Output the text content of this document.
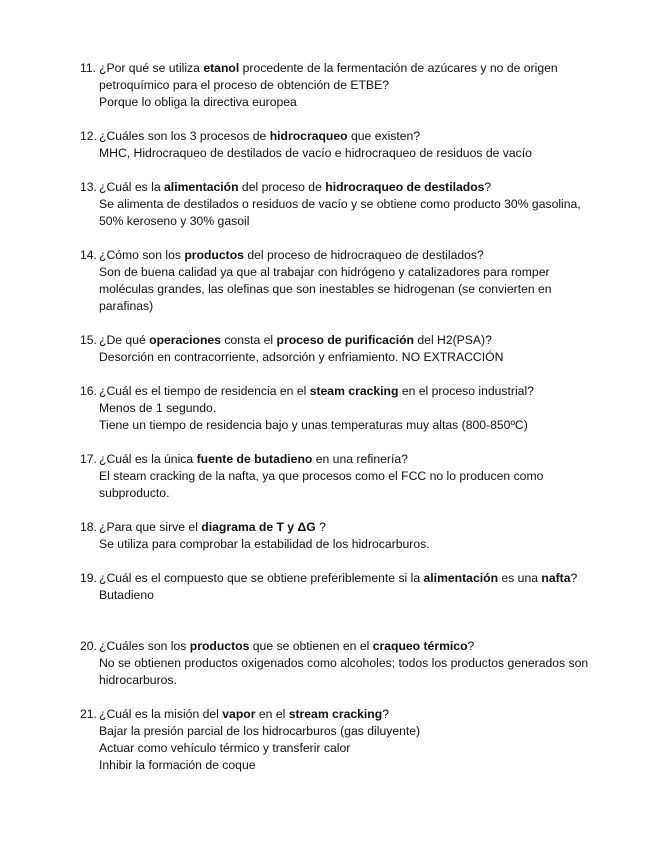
11. ¿Por qué se utiliza etanol procedente de la fermentación de azúcares y no de origen petroquímico para el proceso de obtención de ETBE?
Porque lo obliga la directiva europea
12. ¿Cuáles son los 3 procesos de hidrocraqueo que existen?
MHC, Hidrocraqueo de destilados de vacío e hidrocraqueo de residuos de vacío
13. ¿Cuál es la alimentación del proceso de hidrocraqueo de destilados?
Se alimenta de destilados o residuos de vacío y se obtiene como producto 30% gasolina, 50% keroseno y 30% gasoil
14. ¿Cómo son los productos del proceso de hidrocraqueo de destilados?
Son de buena calidad ya que al trabajar con hidrógeno y catalizadores para romper moléculas grandes, las olefinas que son inestables se hidrogenan (se convierten en parafinas)
15. ¿De qué operaciones consta el proceso de purificación del H2(PSA)?
Desorción en contracorriente, adsorción y enfriamiento. NO EXTRACCIÓN
16. ¿Cuál es el tiempo de residencia en el steam cracking en el proceso industrial?
Menos de 1 segundo.
Tiene un tiempo de residencia bajo y unas temperaturas muy altas (800-850ºC)
17. ¿Cuál es la única fuente de butadieno en una refinería?
El steam cracking de la nafta, ya que procesos como el FCC no lo producen como subproducto.
18. ¿Para que sirve el diagrama de T y ΔG ?
Se utiliza para comprobar la estabilidad de los hidrocarburos.
19. ¿Cuál es el compuesto que se obtiene preferiblemente si la alimentación es una nafta?
Butadieno
20. ¿Cuáles son los productos que se obtienen en el craqueo térmico?
No se obtienen productos oxigenados como alcoholes; todos los productos generados son hidrocarburos.
21. ¿Cuál es la misión del vapor en el stream cracking?
Bajar la presión parcial de los hidrocarburos (gas diluyente)
Actuar como vehículo térmico y transferir calor
Inhibir la formación de coque
